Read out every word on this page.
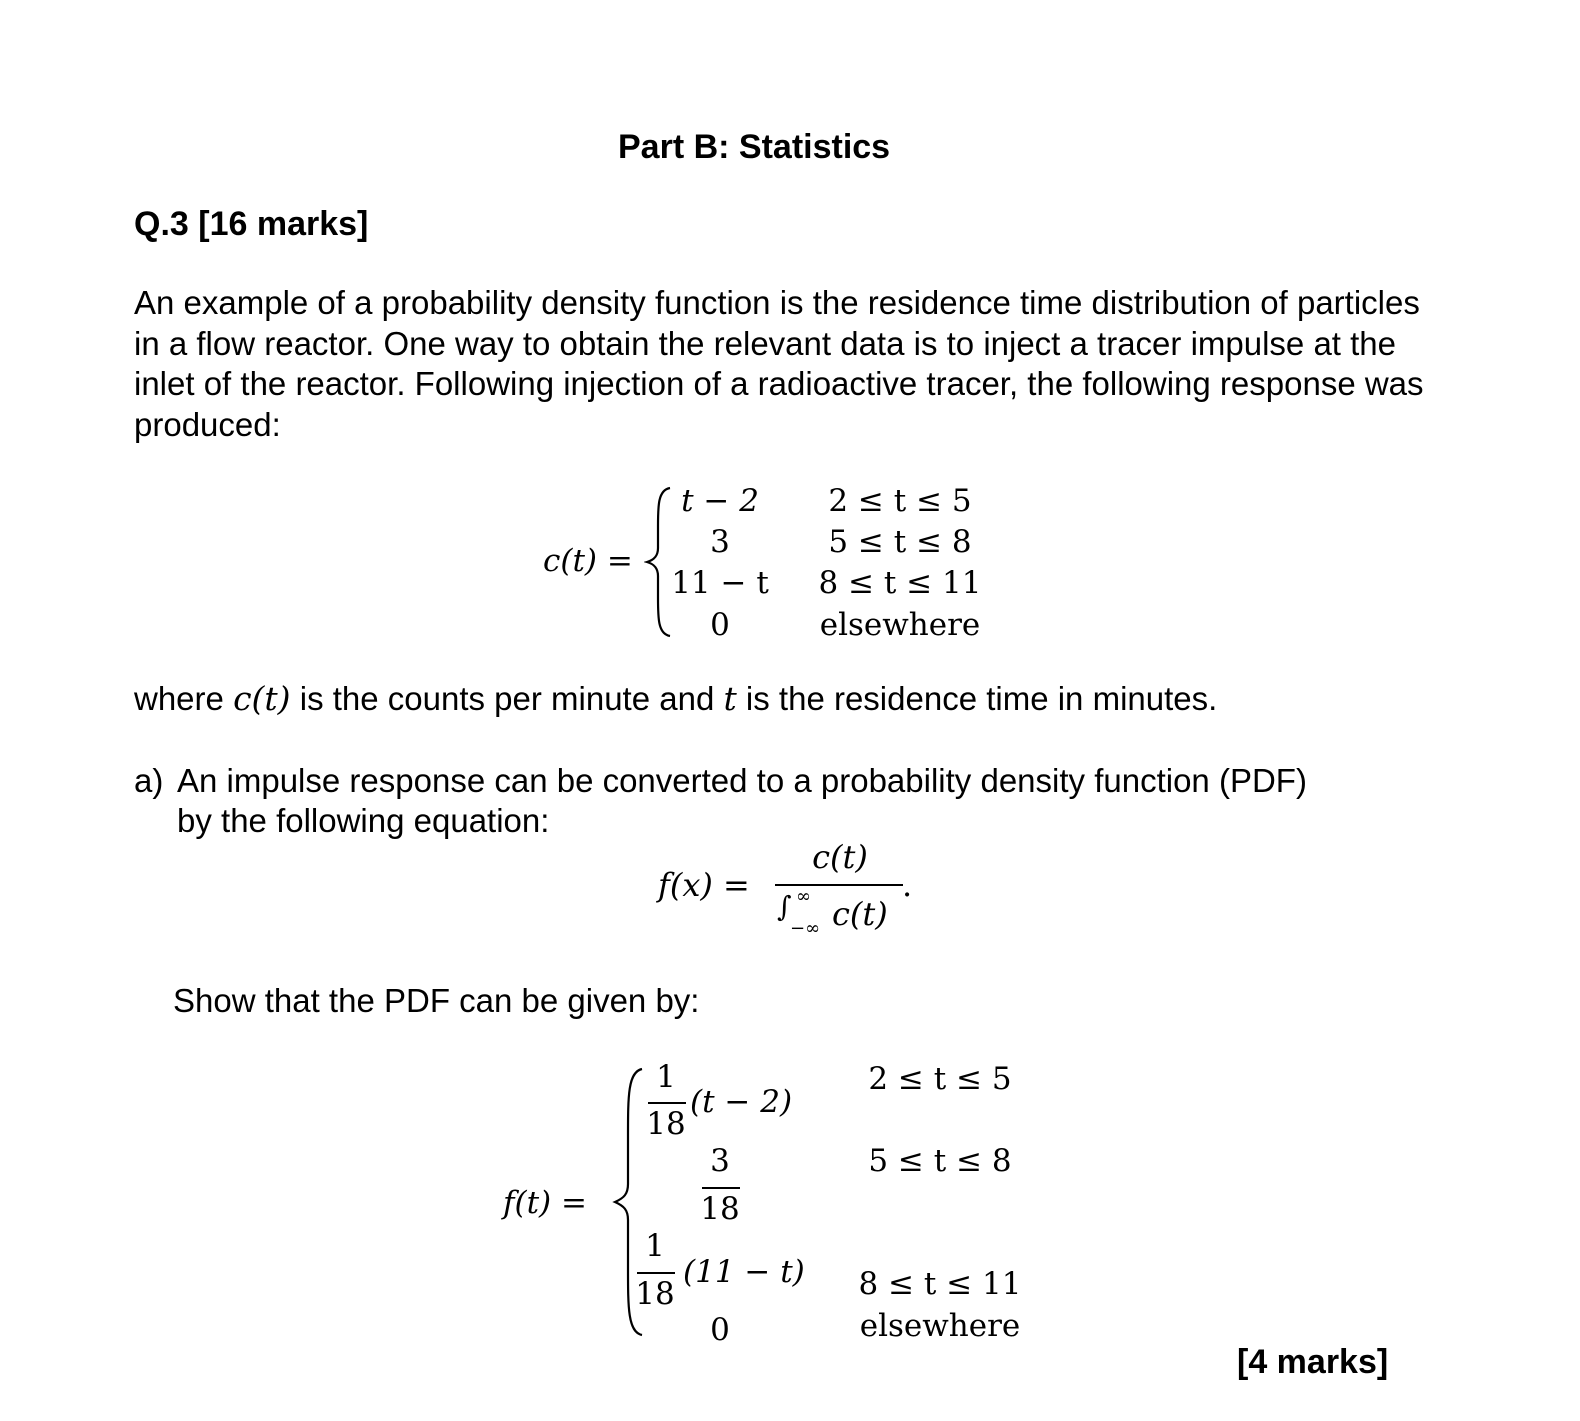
Part B: Statistics
Q.3 [16 marks]
An example of a probability density function is the residence time distribution of particles in a flow reactor. One way to obtain the relevant data is to inject a tracer impulse at the inlet of the reactor. Following injection of a radioactive tracer, the following response was produced:
c(t) =
t − 2
3
11 − t
0
2 ≤ t ≤ 5
5 ≤ t ≤ 8
8 ≤ t ≤ 11
elsewhere
where c(t) is the counts per minute and t is the residence time in minutes.
a) An impulse response can be converted to a probability density function (PDF)
by the following equation:
f(x) =
c(t)
∫ ∞
−∞ c(t)
.
Show that the PDF can be given by:
f(t) =
1
18
(t − 2)
2 ≤ t ≤ 5
3
18
5 ≤ t ≤ 8
1
18
(11 − t)	8 ≤ t ≤ 11
0	elsewhere
[4 marks]
